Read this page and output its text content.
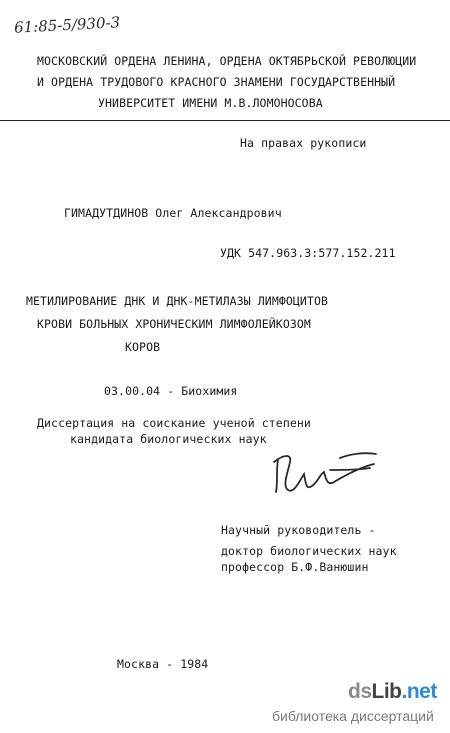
61:85-5/930-3
МОСКОВСКИЙ ОРДЕНА ЛЕНИНА, ОРДЕНА ОКТЯБРЬСКОЙ РЕВОЛЮЦИИ
И ОРДЕНА ТРУДОВОГО КРАСНОГО ЗНАМЕНИ ГОСУДАРСТВЕННЫЙ
УНИВЕРСИТЕТ ИМЕНИ М.В.ЛОМОНОСОВА
На правах рукописи
ГИМАДУТДИНОВ Олег Александрович
УДК 547.963.3:577.152.211
МЕТИЛИРОВАНИЕ ДНК И ДНК-МЕТИЛАЗЫ ЛИМФОЦИТОВ
КРОВИ БОЛЬНЫХ ХРОНИЧЕСКИМ ЛИМФОЛЕЙКОЗОМ
КОРОВ
03.00.04 - Биохимия
Диссертация на соискание ученой степени
кандидата биологических наук
Научный руководитель -
доктор биологических наук
профессор Б.Ф.Ванюшин
Москва - 1984
dsLib.net
библиотека диссертаций
